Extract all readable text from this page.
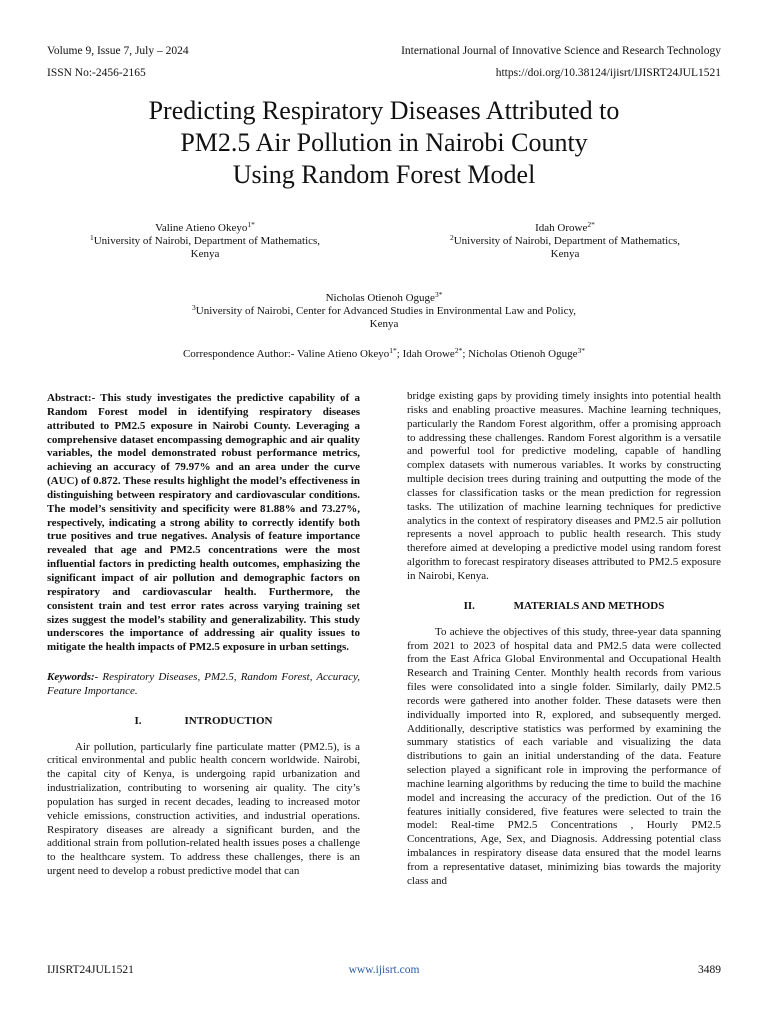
Volume 9, Issue 7, July – 2024
ISSN No:-2456-2165
International Journal of Innovative Science and Research Technology
https://doi.org/10.38124/ijisrt/IJISRT24JUL1521
Predicting Respiratory Diseases Attributed to
PM2.5 Air Pollution in Nairobi County
Using Random Forest Model
Valine Atieno Okeyo$^{1*}$
$^1$University of Nairobi, Department of Mathematics,
Kenya
Idah Orowe$^{2*}$
$^2$University of Nairobi, Department of Mathematics,
Kenya
Nicholas Otienoh Oguge$^{3*}$
$^3$University of Nairobi, Center for Advanced Studies in Environmental Law and Policy,
Kenya
Correspondence Author:- Valine Atieno Okeyo$^{1*}$; Idah Orowe$^{2*}$; Nicholas Otienoh Oguge$^{3*}$

Abstract:- This study investigates the predictive capability of a Random Forest model in identifying respiratory diseases attributed to PM2.5 exposure in Nairobi County. Leveraging a comprehensive dataset encompassing demographic and air quality variables, the model demonstrated robust performance metrics, achieving an accuracy of 79.97% and an area under the curve (AUC) of 0.872. These results highlight the model’s effectiveness in distinguishing between respiratory and cardiovascular conditions. The model’s sensitivity and specificity were 81.88% and 73.27%, respectively, indicating a strong ability to correctly identify both true positives and true negatives. Analysis of feature importance revealed that age and PM2.5 concentrations were the most influential factors in predicting health outcomes, emphasizing the significant impact of air pollution and demographic factors on respiratory and cardiovascular health. Furthermore, the consistent train and test error rates across varying training set sizes suggest the model’s stability and generalizability. This study underscores the importance of addressing air quality issues to mitigate the health impacts of PM2.5 exposure in urban settings.

Keywords:- Respiratory Diseases, PM2.5, Random Forest, Accuracy, Feature Importance.

I.	INTRODUCTION

Air pollution, particularly fine particulate matter (PM2.5), is a critical environmental and public health concern worldwide. Nairobi, the capital city of Kenya, is undergoing rapid urbanization and industrialization, contributing to worsening air quality. The city’s population has surged in recent decades, leading to increased motor vehicle emissions, construction activities, and industrial operations. Respiratory diseases are already a significant burden, and the additional strain from pollution-related health issues poses a challenge to the healthcare system. To address these challenges, there is an urgent need to develop a robust predictive model that can

bridge existing gaps by providing timely insights into potential health risks and enabling proactive measures. Machine learning techniques, particularly the Random Forest algorithm, offer a promising approach to addressing these challenges. Random Forest algorithm is a versatile and powerful tool for predictive modeling, capable of handling complex datasets with numerous variables. It works by constructing multiple decision trees during training and outputting the mode of the classes for classification tasks or the mean prediction for regression tasks. The utilization of machine learning techniques for predictive analytics in the context of respiratory diseases and PM2.5 air pollution represents a novel approach to public health research. This study therefore aimed at developing a predictive model using random forest algorithm to forecast respiratory diseases attributed to PM2.5 exposure in Nairobi, Kenya.

II.	MATERIALS AND METHODS

To achieve the objectives of this study, three-year data spanning from 2021 to 2023 of hospital data and PM2.5 data were collected from the East Africa Global Environmental and Occupational Health Research and Training Center. Monthly health records from various files were consolidated into a single folder. Similarly, daily PM2.5 records were gathered into another folder. These datasets were then individually imported into R, explored, and subsequently merged. Additionally, descriptive statistics was performed by examining the summary statistics of each variable and visualizing the data distributions to gain an initial understanding of the data. Feature selection played a significant role in improving the performance of machine learning algorithms by reducing the time to build the machine model and increasing the accuracy of the prediction. Out of the 16 features initially considered, five features were selected to train the model: Real-time PM2.5 Concentrations , Hourly PM2.5 Concentrations, Age, Sex, and Diagnosis. Addressing potential class imbalances in respiratory disease data ensured that the model learns from a representative dataset, minimizing bias towards the majority class and

IJISRT24JUL1521	www.ijisrt.com	3489
